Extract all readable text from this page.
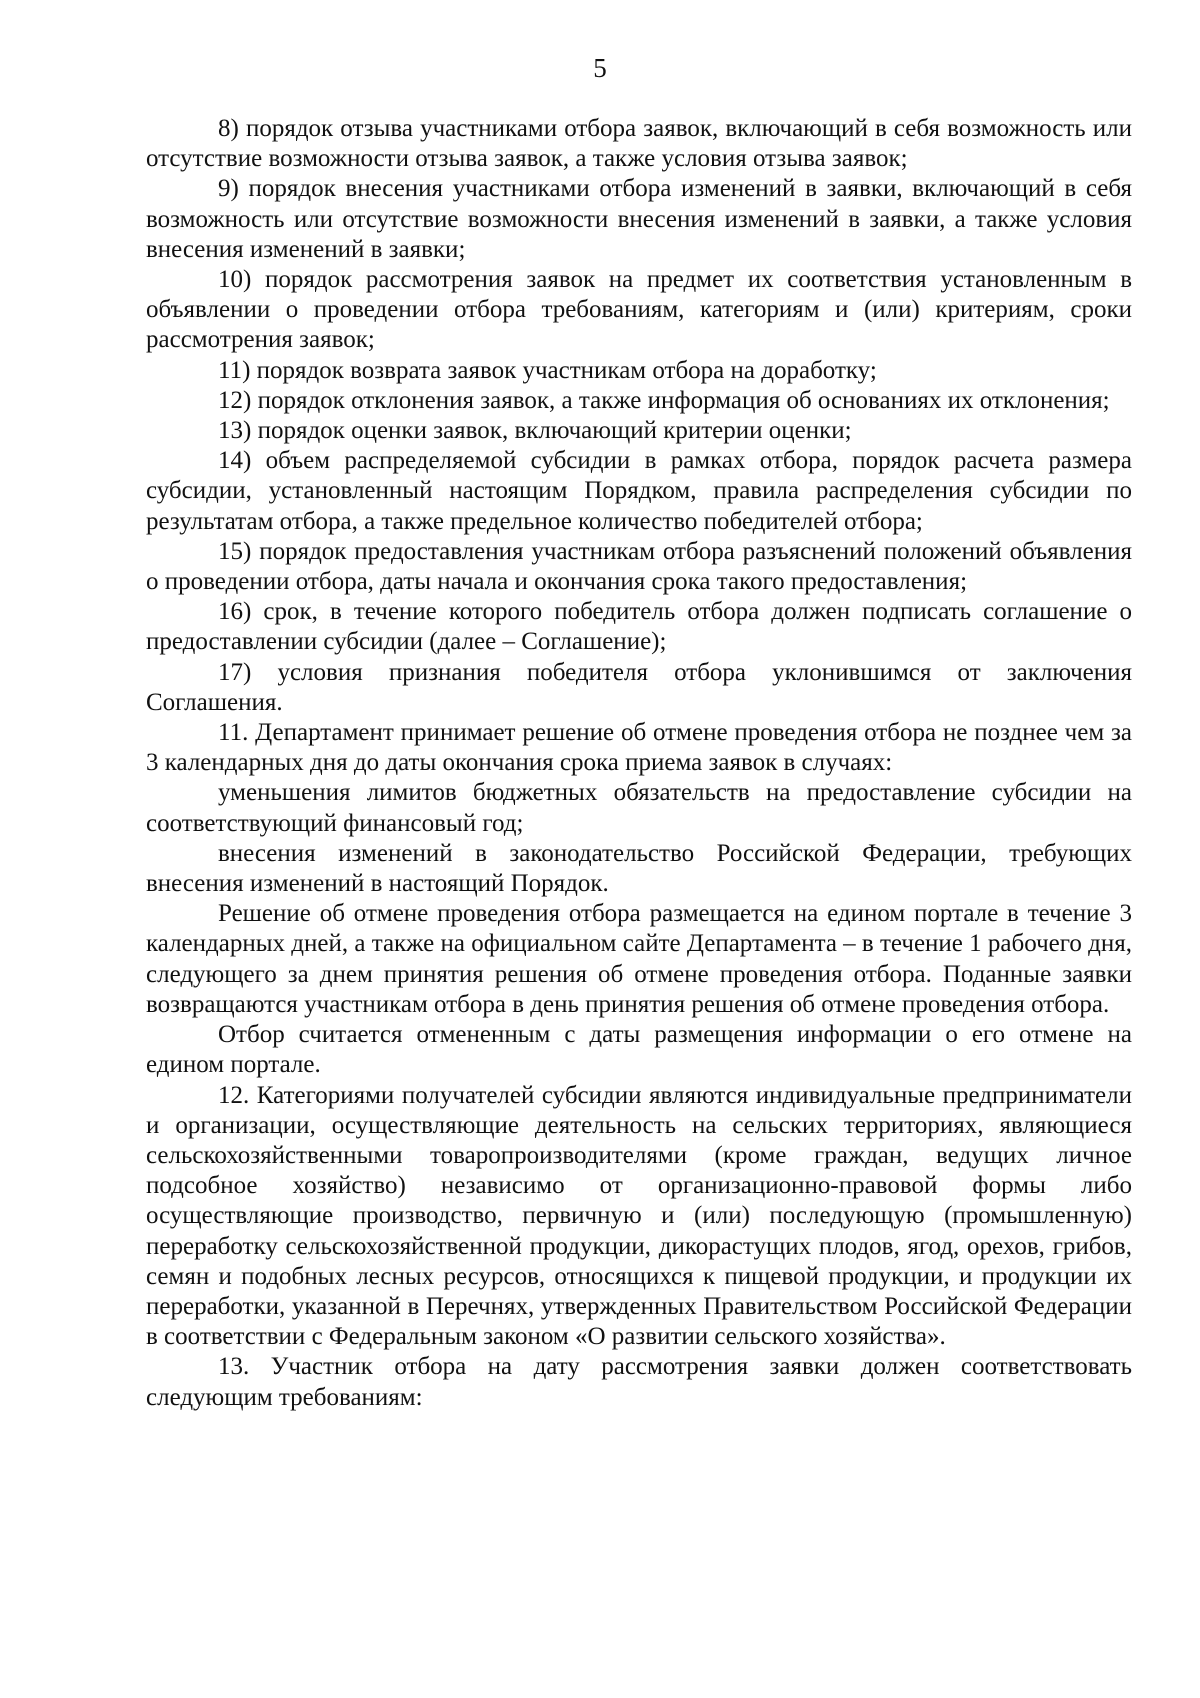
5

8) порядок отзыва участниками отбора заявок, включающий в себя возможность или отсутствие возможности отзыва заявок, а также условия отзыва заявок;

9) порядок внесения участниками отбора изменений в заявки, включающий в себя возможность или отсутствие возможности внесения изменений в заявки, а также условия внесения изменений в заявки;

10) порядок рассмотрения заявок на предмет их соответствия установленным в объявлении о проведении отбора требованиям, категориям и (или) критериям, сроки рассмотрения заявок;

11) порядок возврата заявок участникам отбора на доработку;

12) порядок отклонения заявок, а также информация об основаниях их отклонения;

13) порядок оценки заявок, включающий критерии оценки;

14) объем распределяемой субсидии в рамках отбора, порядок расчета размера субсидии, установленный настоящим Порядком, правила распределения субсидии по результатам отбора, а также предельное количество победителей отбора;

15) порядок предоставления участникам отбора разъяснений положений объявления о проведении отбора, даты начала и окончания срока такого предоставления;

16) срок, в течение которого победитель отбора должен подписать соглашение о предоставлении субсидии (далее – Соглашение);

17) условия признания победителя отбора уклонившимся от заключения Соглашения.

11. Департамент принимает решение об отмене проведения отбора не позднее чем за 3 календарных дня до даты окончания срока приема заявок в случаях:

уменьшения лимитов бюджетных обязательств на предоставление субсидии на соответствующий финансовый год;

внесения изменений в законодательство Российской Федерации, требующих внесения изменений в настоящий Порядок.

Решение об отмене проведения отбора размещается на едином портале в течение 3 календарных дней, а также на официальном сайте Департамента – в течение 1 рабочего дня, следующего за днем принятия решения об отмене проведения отбора. Поданные заявки возвращаются участникам отбора в день принятия решения об отмене проведения отбора.

Отбор считается отмененным с даты размещения информации о его отмене на едином портале.

12. Категориями получателей субсидии являются индивидуальные предприниматели и организации, осуществляющие деятельность на сельских территориях, являющиеся сельскохозяйственными товаропроизводителями (кроме граждан, ведущих личное подсобное хозяйство) независимо от организационно-правовой формы либо осуществляющие производство, первичную и (или) последующую (промышленную) переработку сельскохозяйственной продукции, дикорастущих плодов, ягод, орехов, грибов, семян и подобных лесных ресурсов, относящихся к пищевой продукции, и продукции их переработки, указанной в Перечнях, утвержденных Правительством Российской Федерации в соответствии с Федеральным законом «О развитии сельского хозяйства».

13. Участник отбора на дату рассмотрения заявки должен соответствовать следующим требованиям:
